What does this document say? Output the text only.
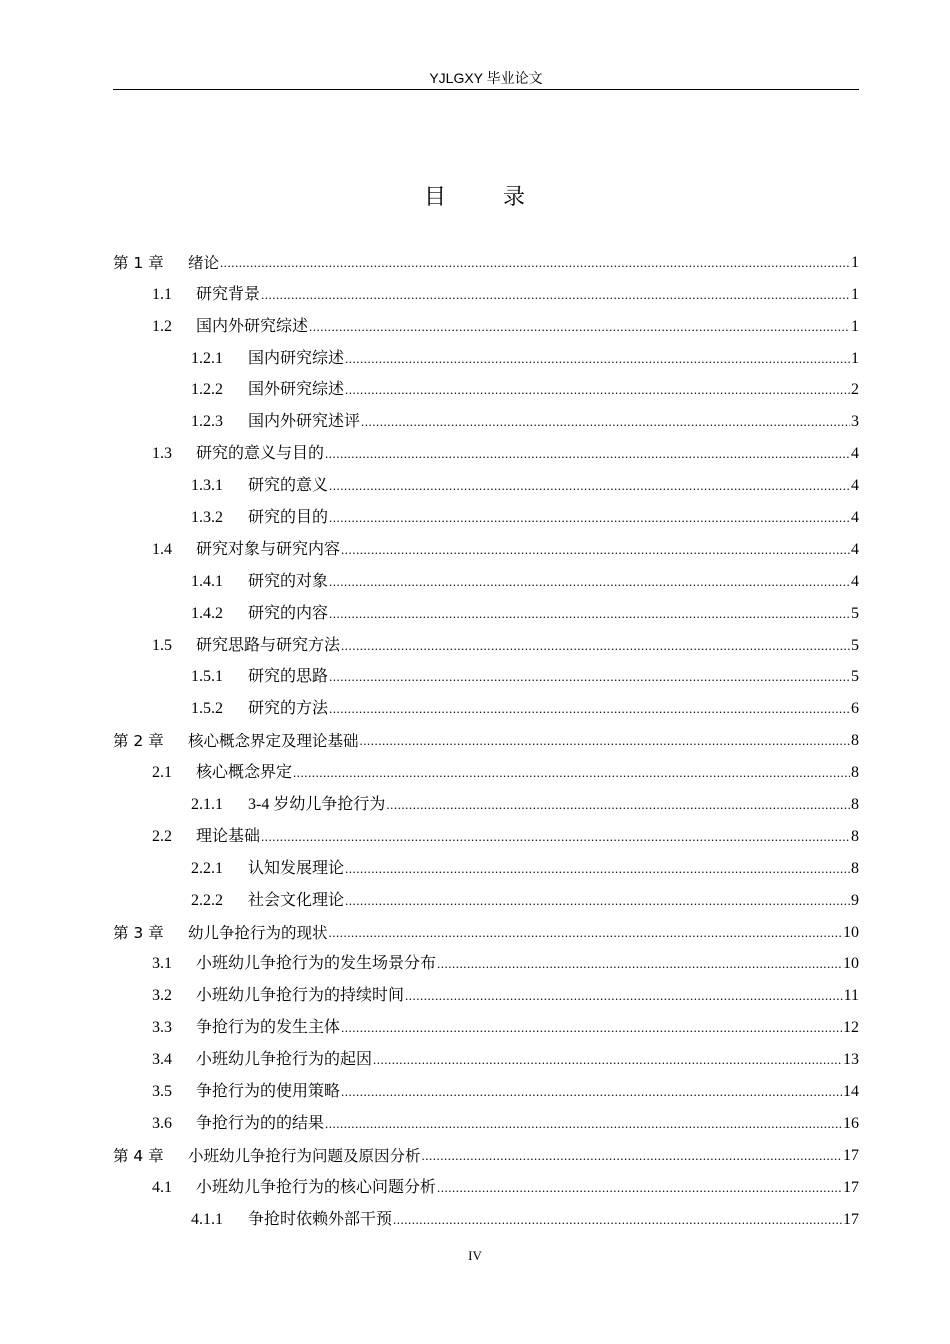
YJLGXY 毕业论文
目	录
第 1 章	绪论 .....	1
1.1	研究背景 .....	1
1.2	国内外研究综述 .....	1
1.2.1	国内研究综述 .....	1
1.2.2	国外研究综述 .....	2
1.2.3	国内外研究述评 .....	3
1.3	研究的意义与目的 .....	4
1.3.1	研究的意义 .....	4
1.3.2	研究的目的 .....	4
1.4	研究对象与研究内容 .....	4
1.4.1	研究的对象 .....	4
1.4.2	研究的内容 .....	5
1.5	研究思路与研究方法 .....	5
1.5.1	研究的思路 .....	5
1.5.2	研究的方法 .....	6
第 2 章	核心概念界定及理论基础 .....	8
2.1	核心概念界定 .....	8
2.1.1	3-4 岁幼儿争抢行为 .....	8
2.2	理论基础 .....	8
2.2.1	认知发展理论 .....	8
2.2.2	社会文化理论 .....	9
第 3 章	幼儿争抢行为的现状 .....	10
3.1	小班幼儿争抢行为的发生场景分布 .....	10
3.2	小班幼儿争抢行为的持续时间 .....	11
3.3	争抢行为的发生主体 .....	12
3.4	小班幼儿争抢行为的起因 .....	13
3.5	争抢行为的使用策略 .....	14
3.6	争抢行为的的结果 .....	16
第 4 章	小班幼儿争抢行为问题及原因分析 .....	17
4.1	小班幼儿争抢行为的核心问题分析 .....	17
4.1.1	争抢时依赖外部干预 .....	17
IV
